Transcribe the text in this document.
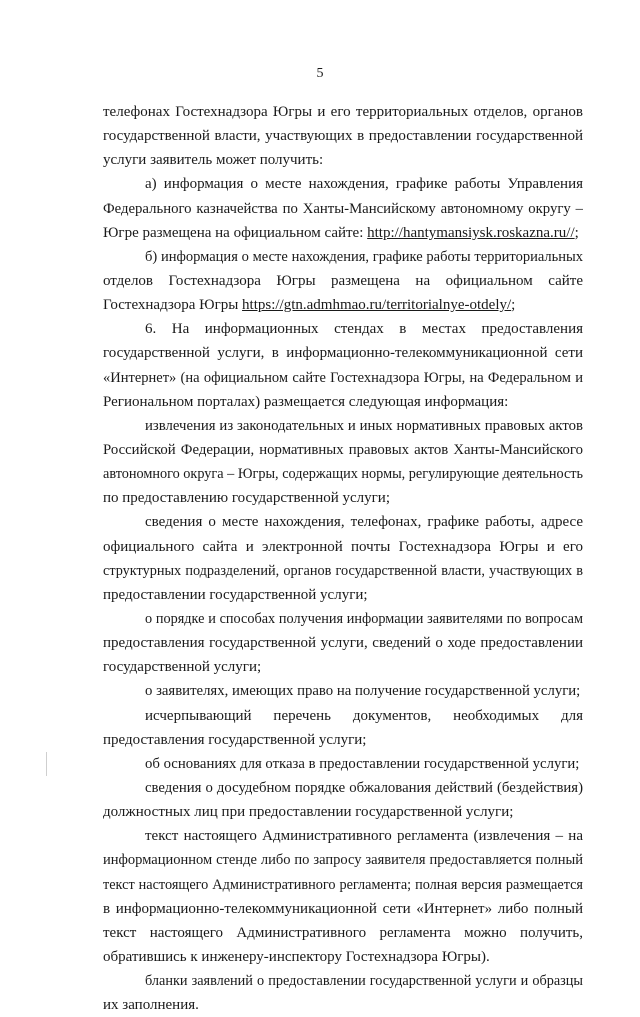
5
телефонах Гостехнадзора Югры и его территориальных отделов, органов
государственной власти, участвующих в предоставлении государственной
услуги заявитель может получить:
а) информация о месте нахождения, графике работы Управления
Федерального казначейства по Ханты-Мансийскому автономному округу –
Югре размещена на официальном сайте: http://hantymansiysk.roskazna.ru//;
б) информация о месте нахождения, графике работы территориальных
отделов Гостехнадзора Югры размещена на официальном сайте
Гостехнадзора Югры https://gtn.admhmao.ru/territorialnye-otdely/;
6. На информационных стендах в местах предоставления
государственной услуги, в информационно-телекоммуникационной сети
«Интернет» (на официальном сайте Гостехнадзора Югры, на Федеральном и
Региональном порталах) размещается следующая информация:
извлечения из законодательных и иных нормативных правовых актов
Российской Федерации, нормативных правовых актов Ханты-Мансийского
автономного округа – Югры, содержащих нормы, регулирующие деятельность
по предоставлению государственной услуги;
сведения о месте нахождения, телефонах, графике работы, адресе
официального сайта и электронной почты Гостехнадзора Югры и его
структурных подразделений, органов государственной власти, участвующих в
предоставлении государственной услуги;
о порядке и способах получения информации заявителями по вопросам
предоставления государственной услуги, сведений о ходе предоставлении
государственной услуги;
о заявителях, имеющих право на получение государственной услуги;
исчерпывающий перечень документов, необходимых для
предоставления государственной услуги;
об основаниях для отказа в предоставлении государственной услуги;
сведения о досудебном порядке обжалования действий (бездействия)
должностных лиц при предоставлении государственной услуги;
текст настоящего Административного регламента (извлечения – на
информационном стенде либо по запросу заявителя предоставляется полный
текст настоящего Административного регламента; полная версия размещается
в информационно-телекоммуникационной сети «Интернет» либо полный
текст настоящего Административного регламента можно получить,
обратившись к инженеру-инспектору Гостехнадзора Югры).
бланки заявлений о предоставлении государственной услуги и образцы
их заполнения.
